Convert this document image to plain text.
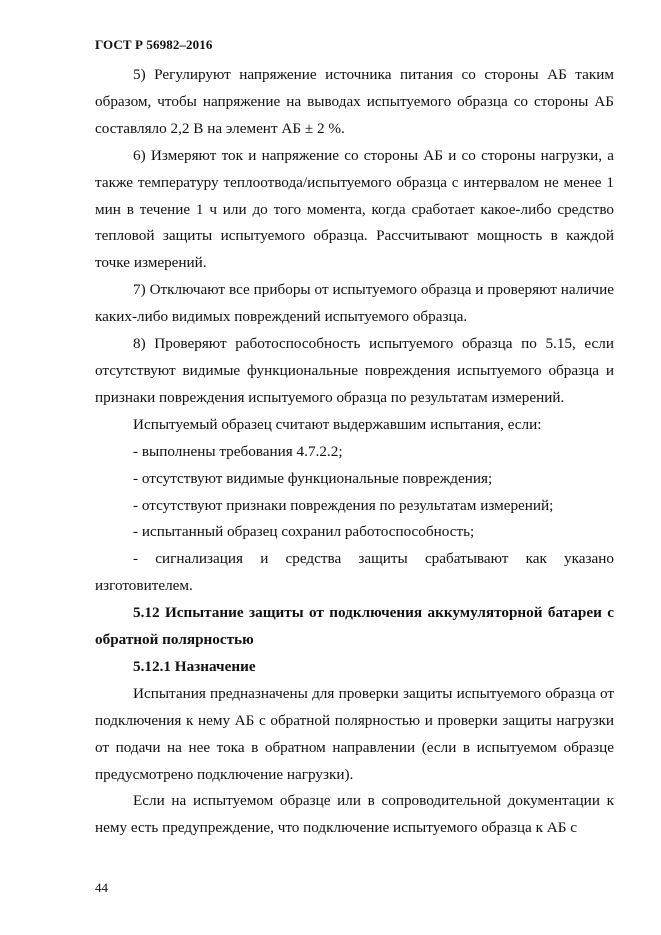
ГОСТ Р 56982–2016

5) Регулируют напряжение источника питания со стороны АБ таким образом, чтобы напряжение на выводах испытуемого образца со стороны АБ составляло 2,2 В на элемент АБ ± 2 %.

6) Измеряют ток и напряжение со стороны АБ и со стороны нагрузки, а также температуру теплоотвода/испытуемого образца с интервалом не менее 1 мин в течение 1 ч или до того момента, когда сработает какое-либо средство тепловой защиты испытуемого образца. Рассчитывают мощность в каждой точке измерений.

7) Отключают все приборы от испытуемого образца и проверяют наличие каких-либо видимых повреждений испытуемого образца.

8) Проверяют работоспособность испытуемого образца по 5.15, если отсутствуют видимые функциональные повреждения испытуемого образца и признаки повреждения испытуемого образца по результатам измерений.

Испытуемый образец считают выдержавшим испытания, если:

- выполнены требования 4.7.2.2;

- отсутствуют видимые функциональные повреждения;

- отсутствуют признаки повреждения по результатам измерений;

- испытанный образец сохранил работоспособность;

- сигнализация и средства защиты срабатывают как указано изготовителем.

5.12 Испытание защиты от подключения аккумуляторной батареи с обратной полярностью

5.12.1 Назначение

Испытания предназначены для проверки защиты испытуемого образца от подключения к нему АБ с обратной полярностью и проверки защиты нагрузки от подачи на нее тока в обратном направлении (если в испытуемом образце предусмотрено подключение нагрузки).

Если на испытуемом образце или в сопроводительной документации к нему есть предупреждение, что подключение испытуемого образца к АБ с

44
